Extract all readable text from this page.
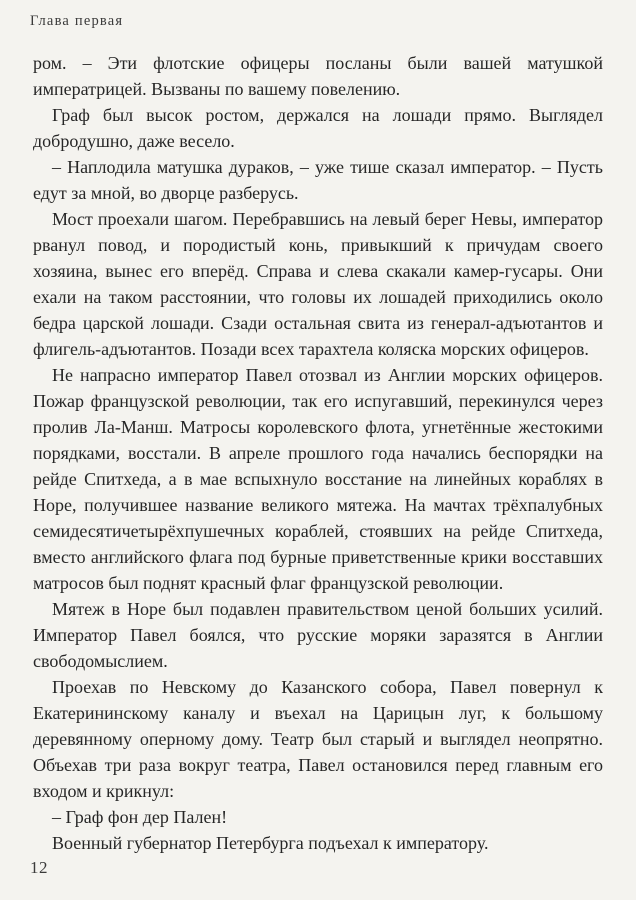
Глава первая

ром. – Эти флотские офицеры посланы были вашей матушкой императрицей. Вызваны по вашему повелению.

Граф был высок ростом, держался на лошади прямо. Выглядел добродушно, даже весело.

– Наплодила матушка дураков, – уже тише сказал император. – Пусть едут за мной, во дворце разберусь.

Мост проехали шагом. Перебравшись на левый берег Невы, император рванул повод, и породистый конь, привыкший к причудам своего хозяина, вынес его вперёд. Справа и слева скакали камер-гусары. Они ехали на таком расстоянии, что головы их лошадей приходились около бедра царской лошади. Сзади остальная свита из генерал-адъютантов и флигель-адъютантов. Позади всех тарахтела коляска морских офицеров.

Не напрасно император Павел отозвал из Англии морских офицеров. Пожар французской революции, так его испугавший, перекинулся через пролив Ла-Манш. Матросы королевского флота, угнетённые жестокими порядками, восстали. В апреле прошлого года начались беспорядки на рейде Спитхеда, а в мае вспыхнуло восстание на линейных кораблях в Норе, получившее название великого мятежа. На мачтах трёхпалубных семидесятичетырёхпушечных кораблей, стоявших на рейде Спитхеда, вместо английского флага под бурные приветственные крики восставших матросов был поднят красный флаг французской революции.

Мятеж в Норе был подавлен правительством ценой больших усилий. Император Павел боялся, что русские моряки заразятся в Англии свободомыслием.

Проехав по Невскому до Казанского собора, Павел повернул к Екатерининскому каналу и въехал на Царицын луг, к большому деревянному оперному дому. Театр был старый и выглядел неопрятно. Объехав три раза вокруг театра, Павел остановился перед главным его входом и крикнул:

– Граф фон дер Пален!

Военный губернатор Петербурга подъехал к императору.

12
